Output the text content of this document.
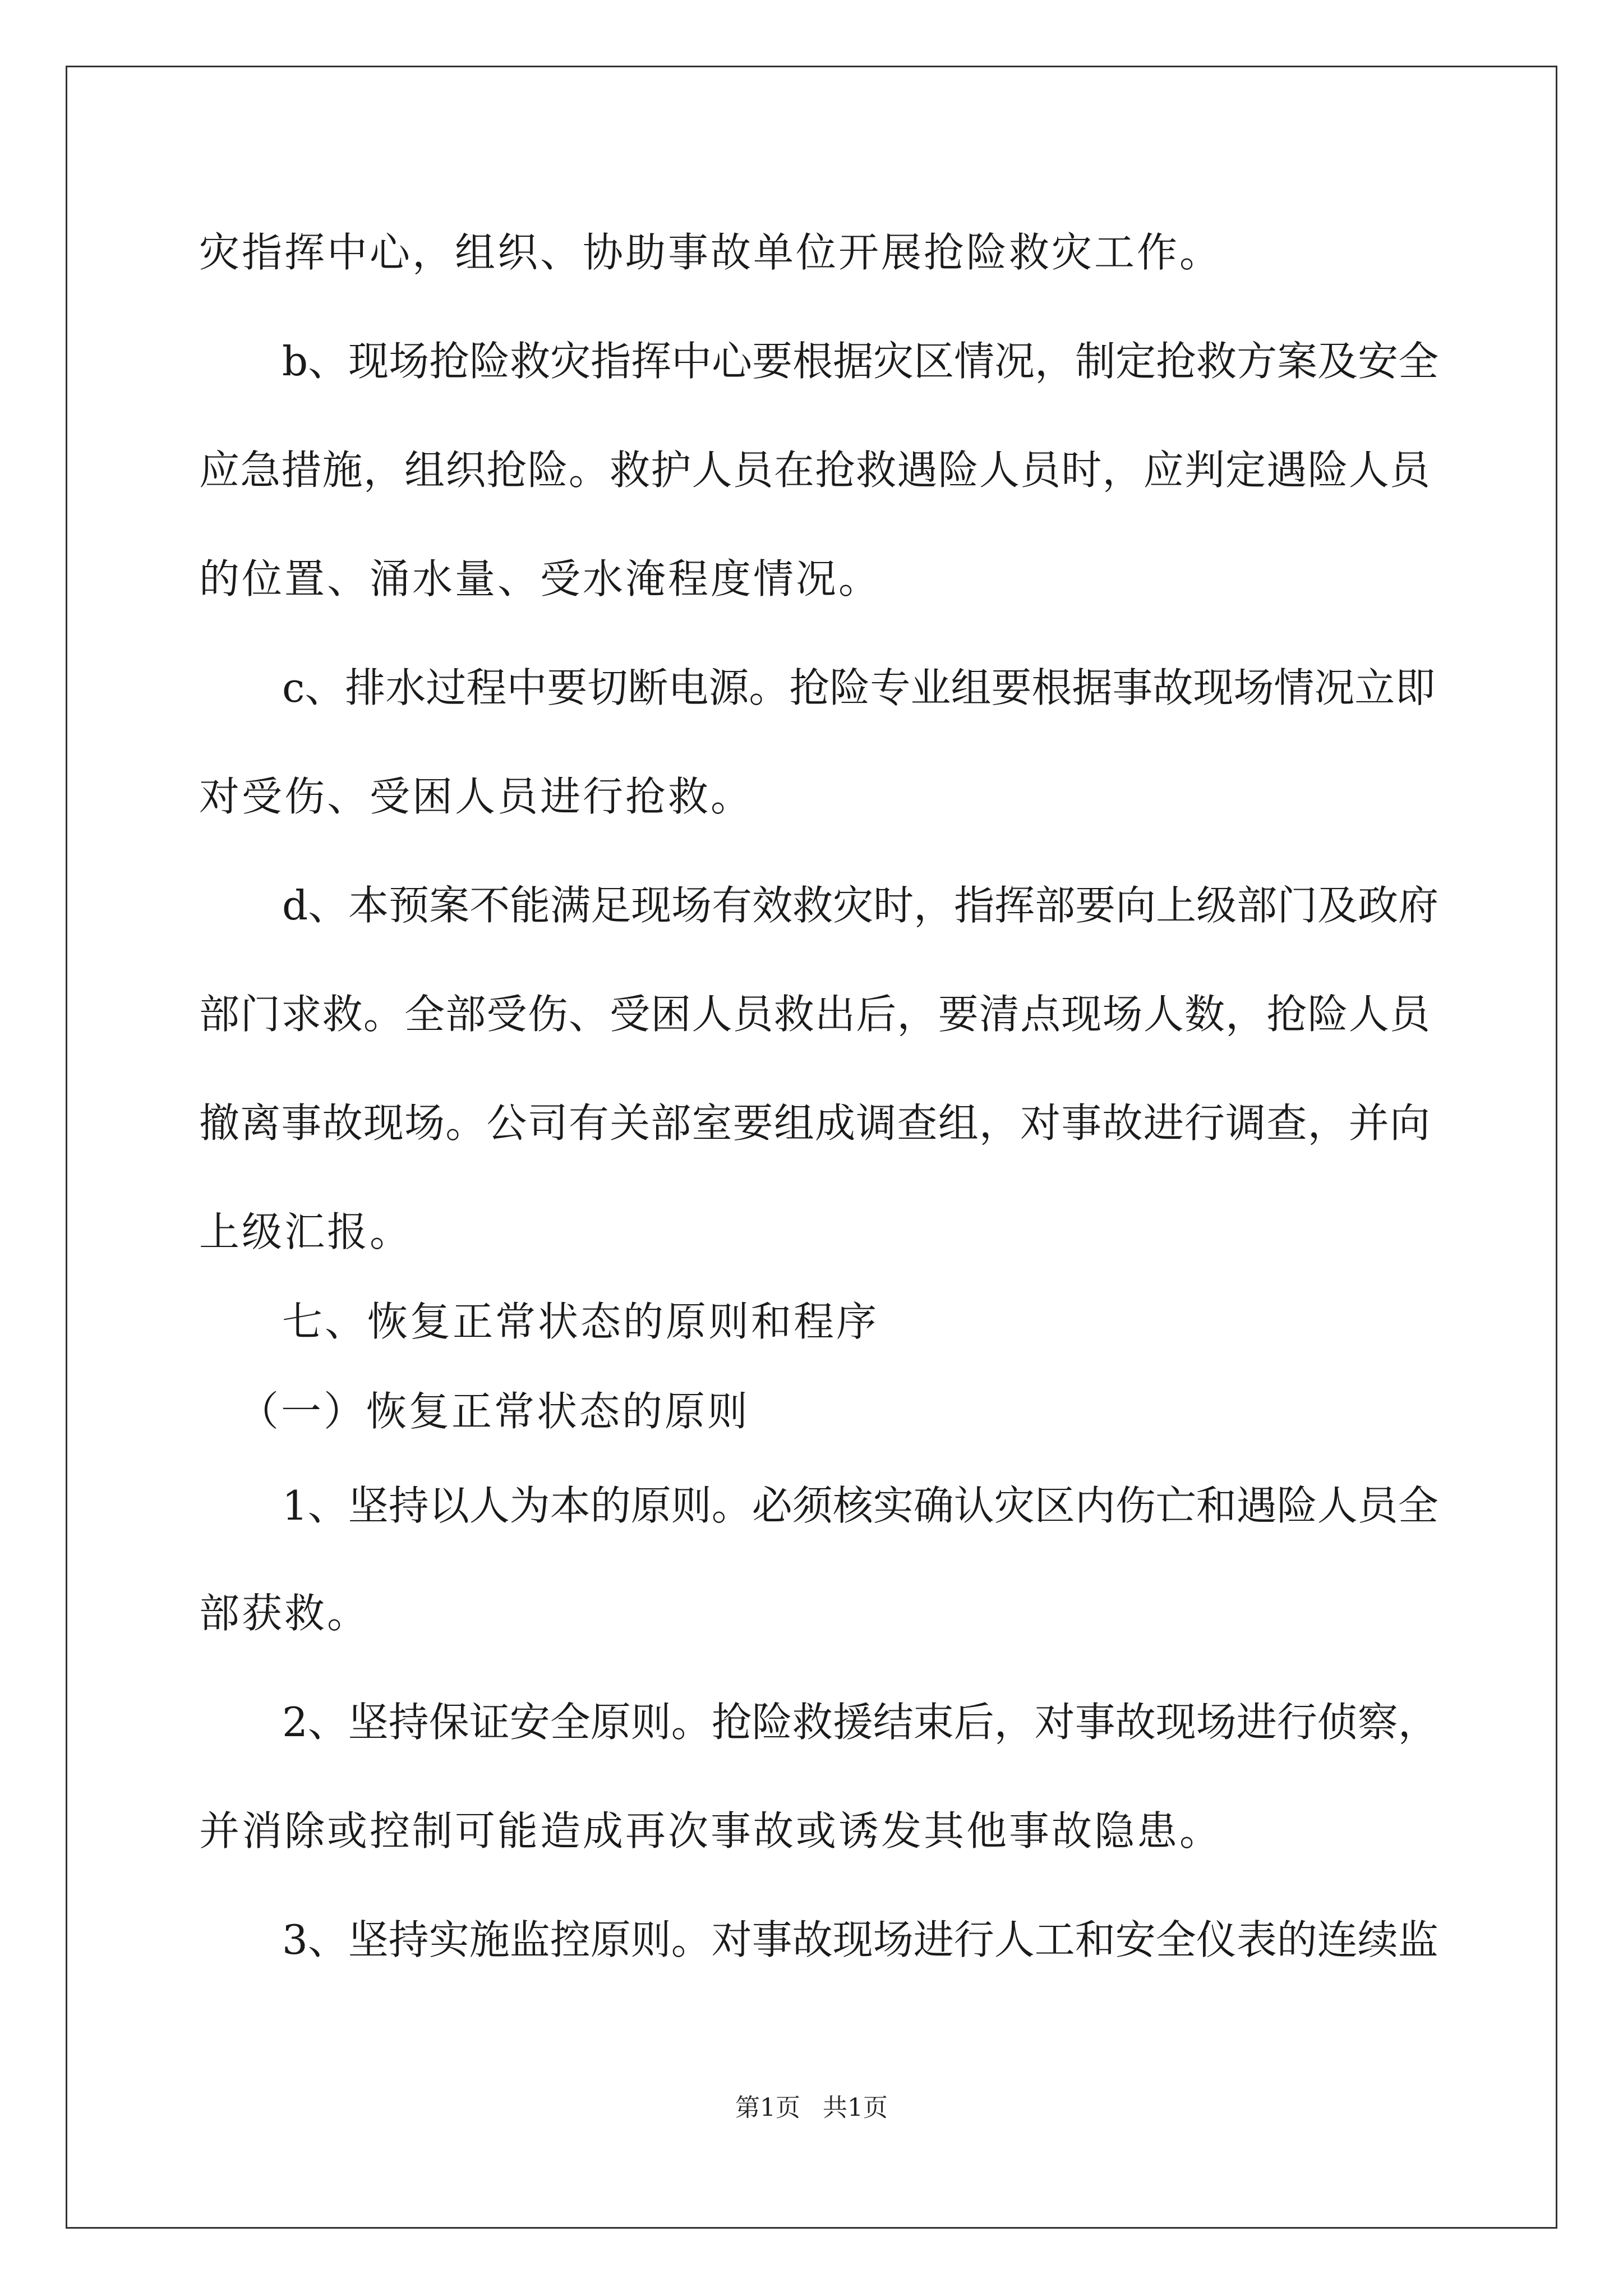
灾指挥中心，组织、协助事故单位开展抢险救灾工作。
b、现场抢险救灾指挥中心要根据灾区情况，制定抢救方案及安全
应急措施，组织抢险。救护人员在抢救遇险人员时，应判定遇险人员
的位置、涌水量、受水淹程度情况。
c、排水过程中要切断电源。抢险专业组要根据事故现场情况立即
对受伤、受困人员进行抢救。
d、本预案不能满足现场有效救灾时，指挥部要向上级部门及政府
部门求救。全部受伤、受困人员救出后，要清点现场人数，抢险人员
撤离事故现场。公司有关部室要组成调查组，对事故进行调查，并向
上级汇报。
七、恢复正常状态的原则和程序
（一）恢复正常状态的原则
1、坚持以人为本的原则。必须核实确认灾区内伤亡和遇险人员全
部获救。
2、坚持保证安全原则。抢险救援结束后，对事故现场进行侦察，
并消除或控制可能造成再次事故或诱发其他事故隐患。
3、坚持实施监控原则。对事故现场进行人工和安全仪表的连续监
第1页 共1页
